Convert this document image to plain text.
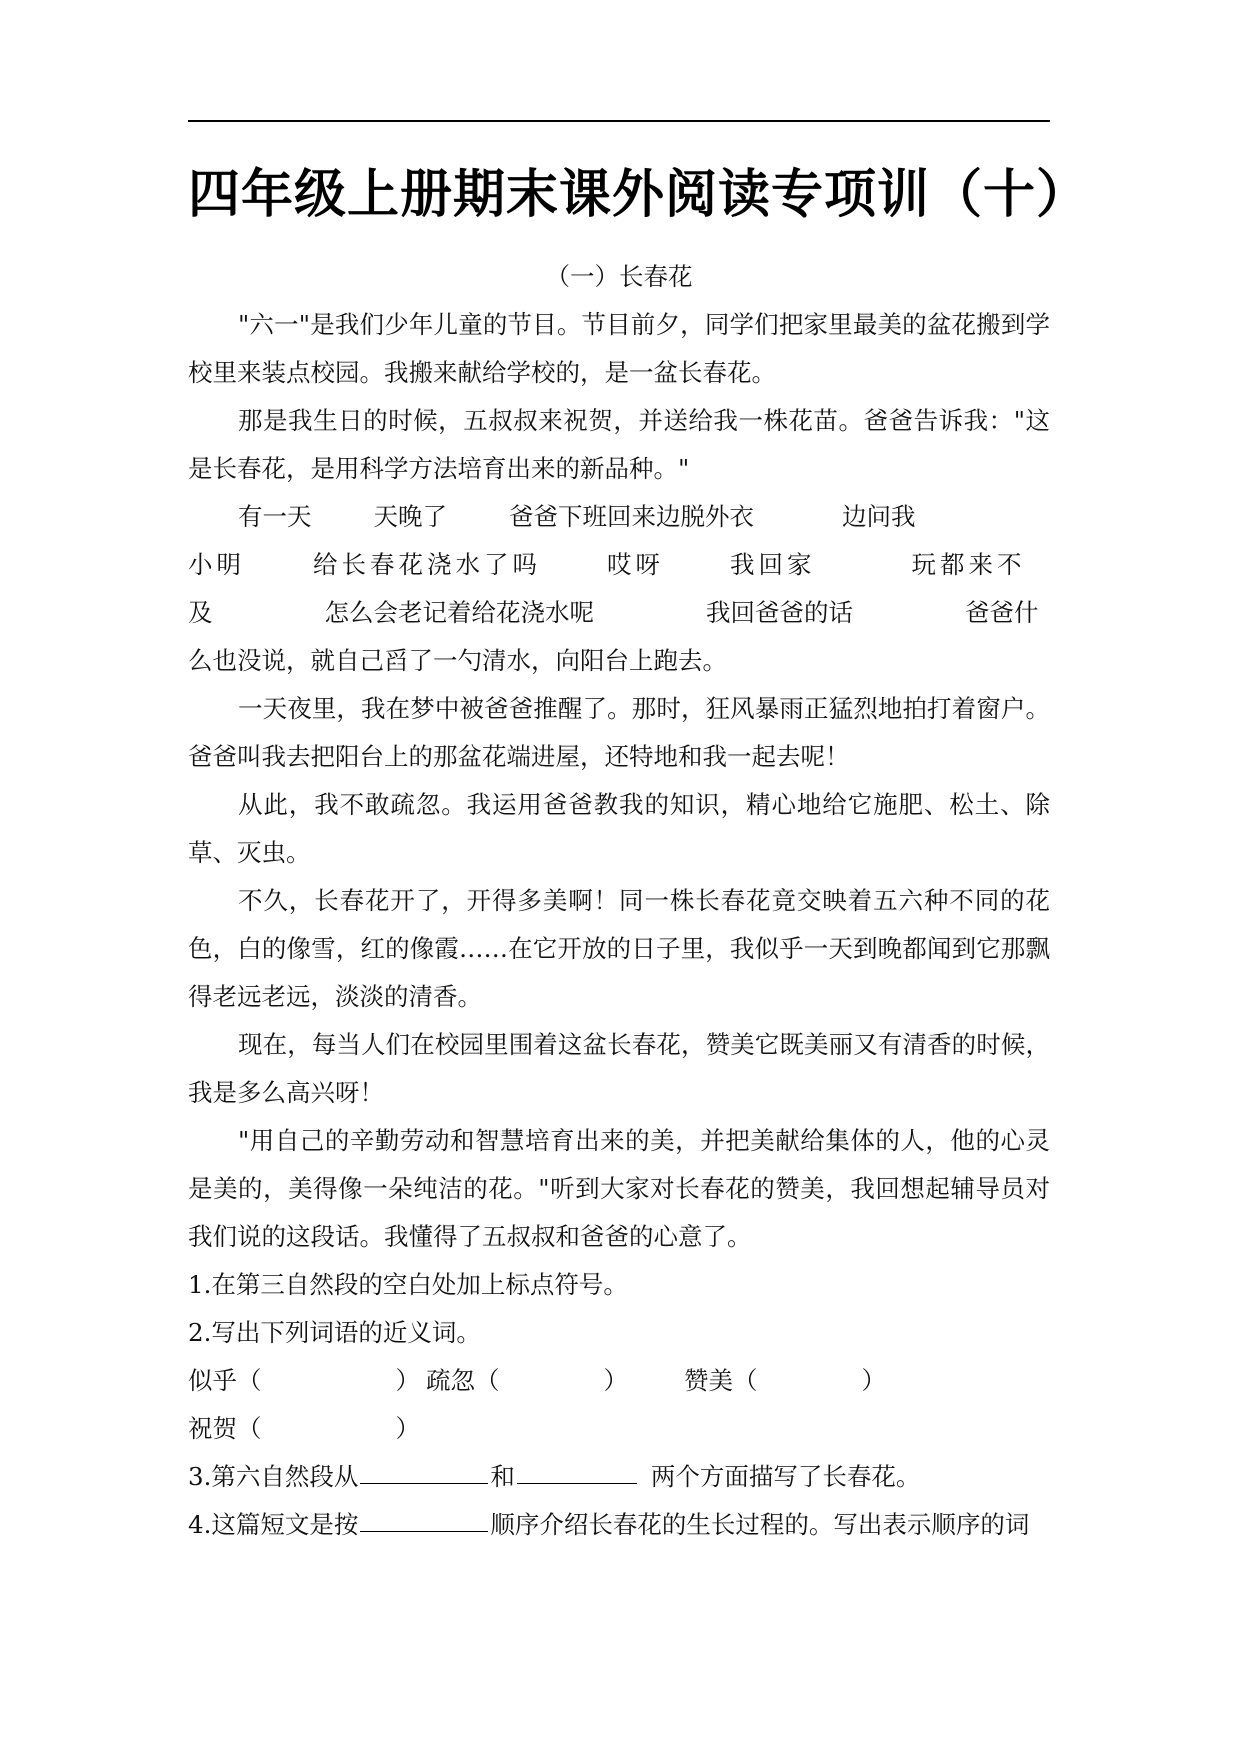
四年级上册期末课外阅读专项训（十）
（一）长春花

"六一"是我们少年儿童的节目。节目前夕，同学们把家里最美的盆花搬到学校里来装点校园。我搬来献给学校的，是一盆长春花。

那是我生日的时候，五叔叔来祝贺，并送给我一株花苗。爸爸告诉我："这是长春花，是用科学方法培育出来的新品种。"

有一天	天晚了	爸爸下班回来边脱外衣	边问我
小明	给长春花浇水了吗	哎呀	我回家	玩都来不
及	怎么会老记着给花浇水呢	我回爸爸的话	爸爸什
么也没说，就自己舀了一勺清水，向阳台上跑去。

一天夜里，我在梦中被爸爸推醒了。那时，狂风暴雨正猛烈地拍打着窗户。爸爸叫我去把阳台上的那盆花端进屋，还特地和我一起去呢！

从此，我不敢疏忽。我运用爸爸教我的知识，精心地给它施肥、松土、除草、灭虫。

不久，长春花开了，开得多美啊！同一株长春花竟交映着五六种不同的花色，白的像雪，红的像霞……在它开放的日子里，我似乎一天到晚都闻到它那飘得老远老远，淡淡的清香。

现在，每当人们在校园里围着这盆长春花，赞美它既美丽又有清香的时候，我是多么高兴呀！

"用自己的辛勤劳动和智慧培育出来的美，并把美献给集体的人，他的心灵是美的，美得像一朵纯洁的花。"听到大家对长春花的赞美，我回想起辅导员对我们说的这段话。我懂得了五叔叔和爸爸的心意了。

1.在第三自然段的空白处加上标点符号。

2.写出下列词语的近义词。

似乎（	） 疏忽（	） 赞美（	）
祝贺（	）
3.第六自然段从	和	两个方面描写了长春花。
4.这篇短文是按	顺序介绍长春花的生长过程的。写出表示顺序的词
